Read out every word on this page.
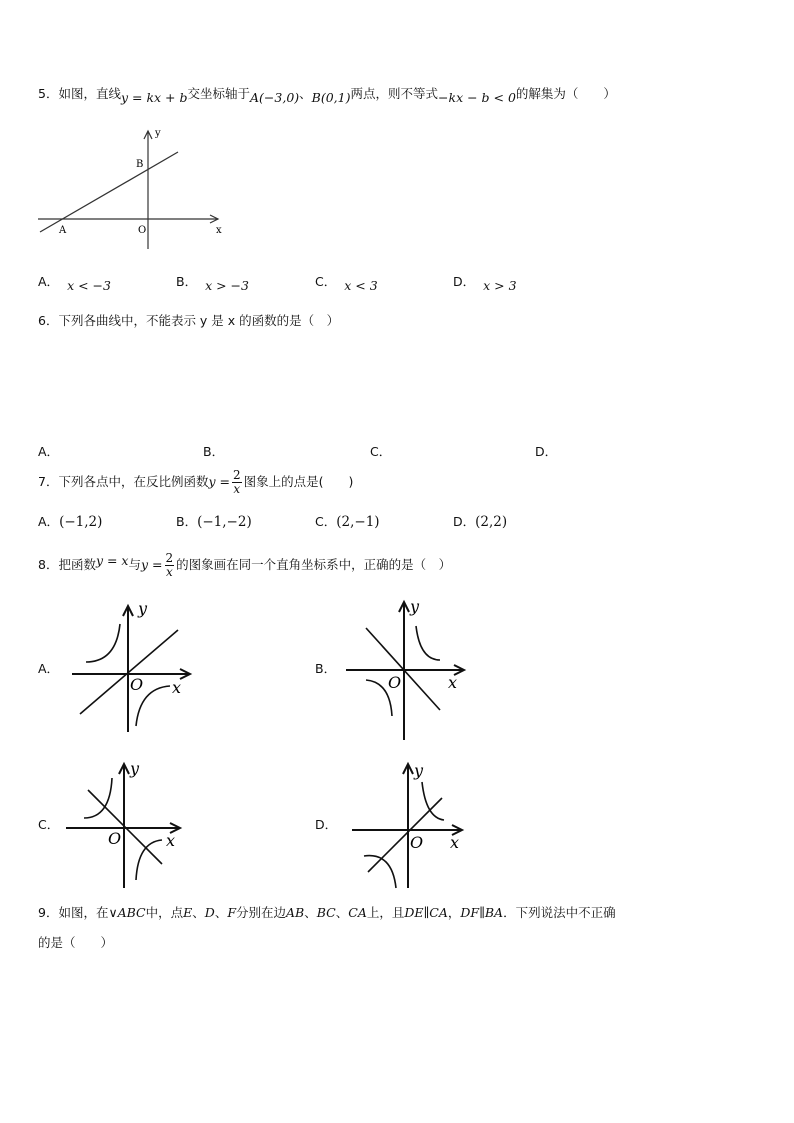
5．如图，直线y = kx + b交坐标轴于A(−3,0)、B(0,1)两点，则不等式−kx − b < 0的解集为（　　）
y
x
A
B
O
A． x < −3	B． x > −3	C． x < 3	D． x > 3
6．下列各曲线中，不能表示 y 是 x 的函数的是（　）
A．	B．	C．	D．
7．下列各点中，在反比例函数$y = \frac{2}{x}$ 图象上的点是(　　)
A．(−1,2)	B．(−1,−2)	C．(2,−1)	D．(2,2)
8．把函数y = x与$y = \frac{2}{x}$ 的图象画在同一个直角坐标系中，正确的是（　）
A．
y
x
O
B．
y
x
O
C．
y
x
O
D．
y
x
O
9．如图，在∨ABC中，点E、D、F分别在边AB、BC、CA上，且DE∥CA，DF∥BA．下列说法中不正确
的是（　　）
